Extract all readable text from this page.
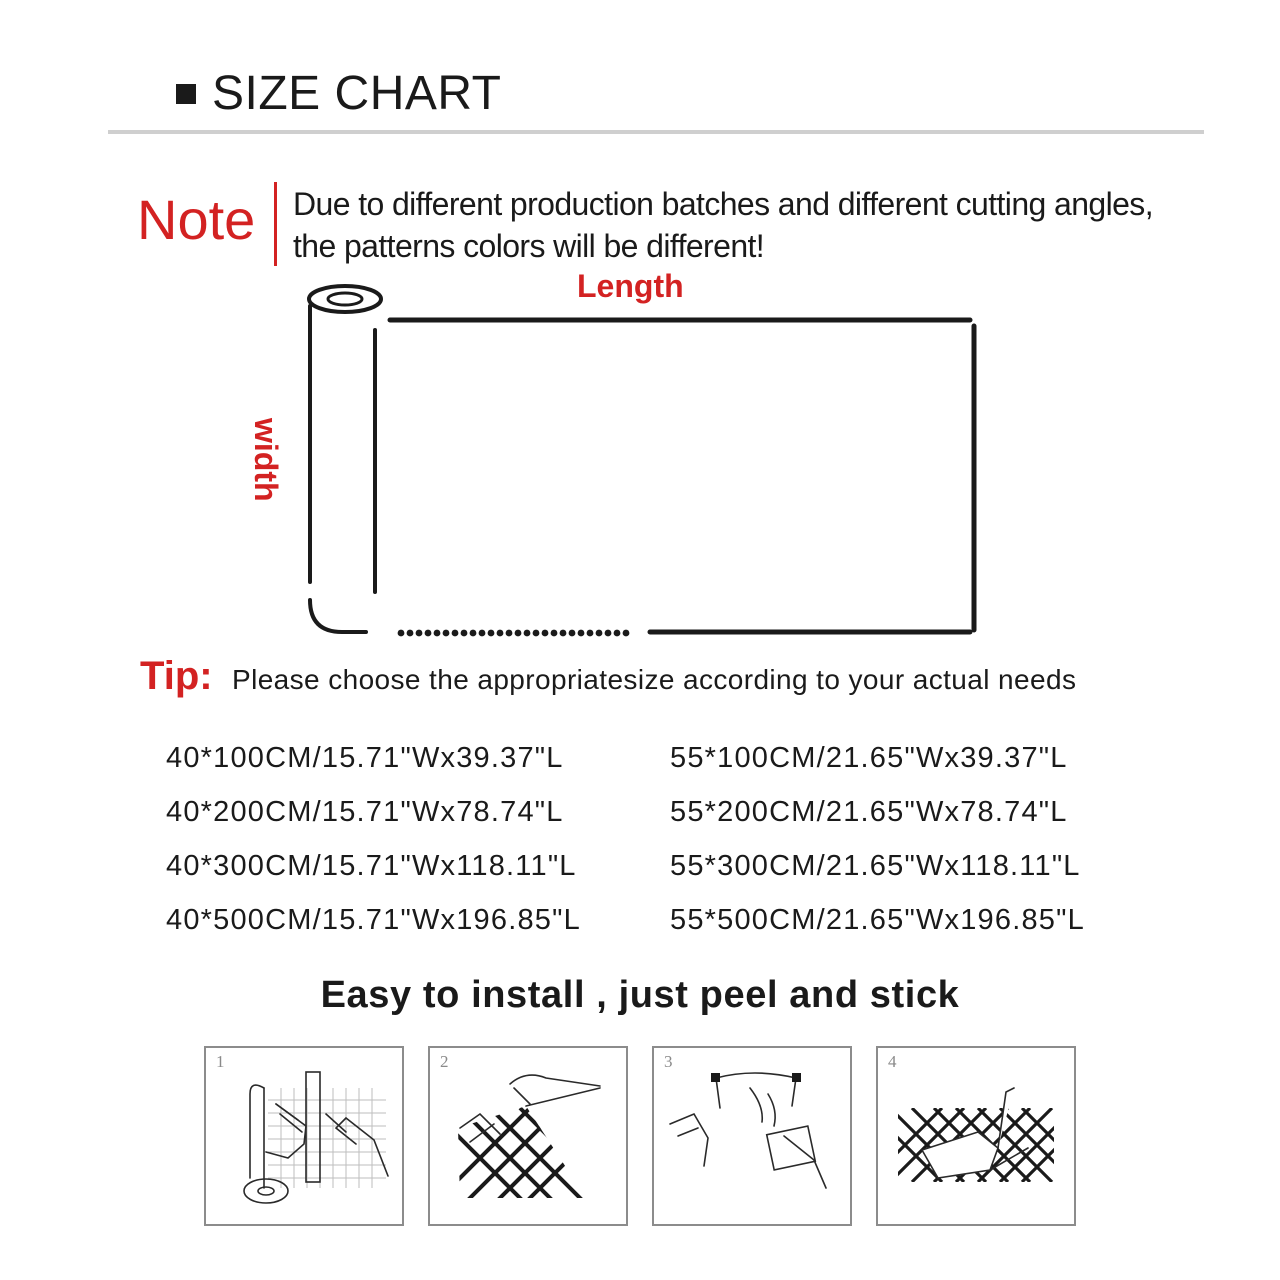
SIZE CHART
Note Due to different production batches and different cutting angles,
the patterns colors will be different!
Length
width
Tip: Please choose the appropriatesize according to your actual needs
40*100CM/15.71"Wx39.37"L
40*200CM/15.71"Wx78.74"L
40*300CM/15.71"Wx118.11"L
40*500CM/15.71"Wx196.85"L
55*100CM/21.65"Wx39.37"L
55*200CM/21.65"Wx78.74"L
55*300CM/21.65"Wx118.11"L
55*500CM/21.65"Wx196.85"L
Easy to install , just peel and stick
1	2	3	4
